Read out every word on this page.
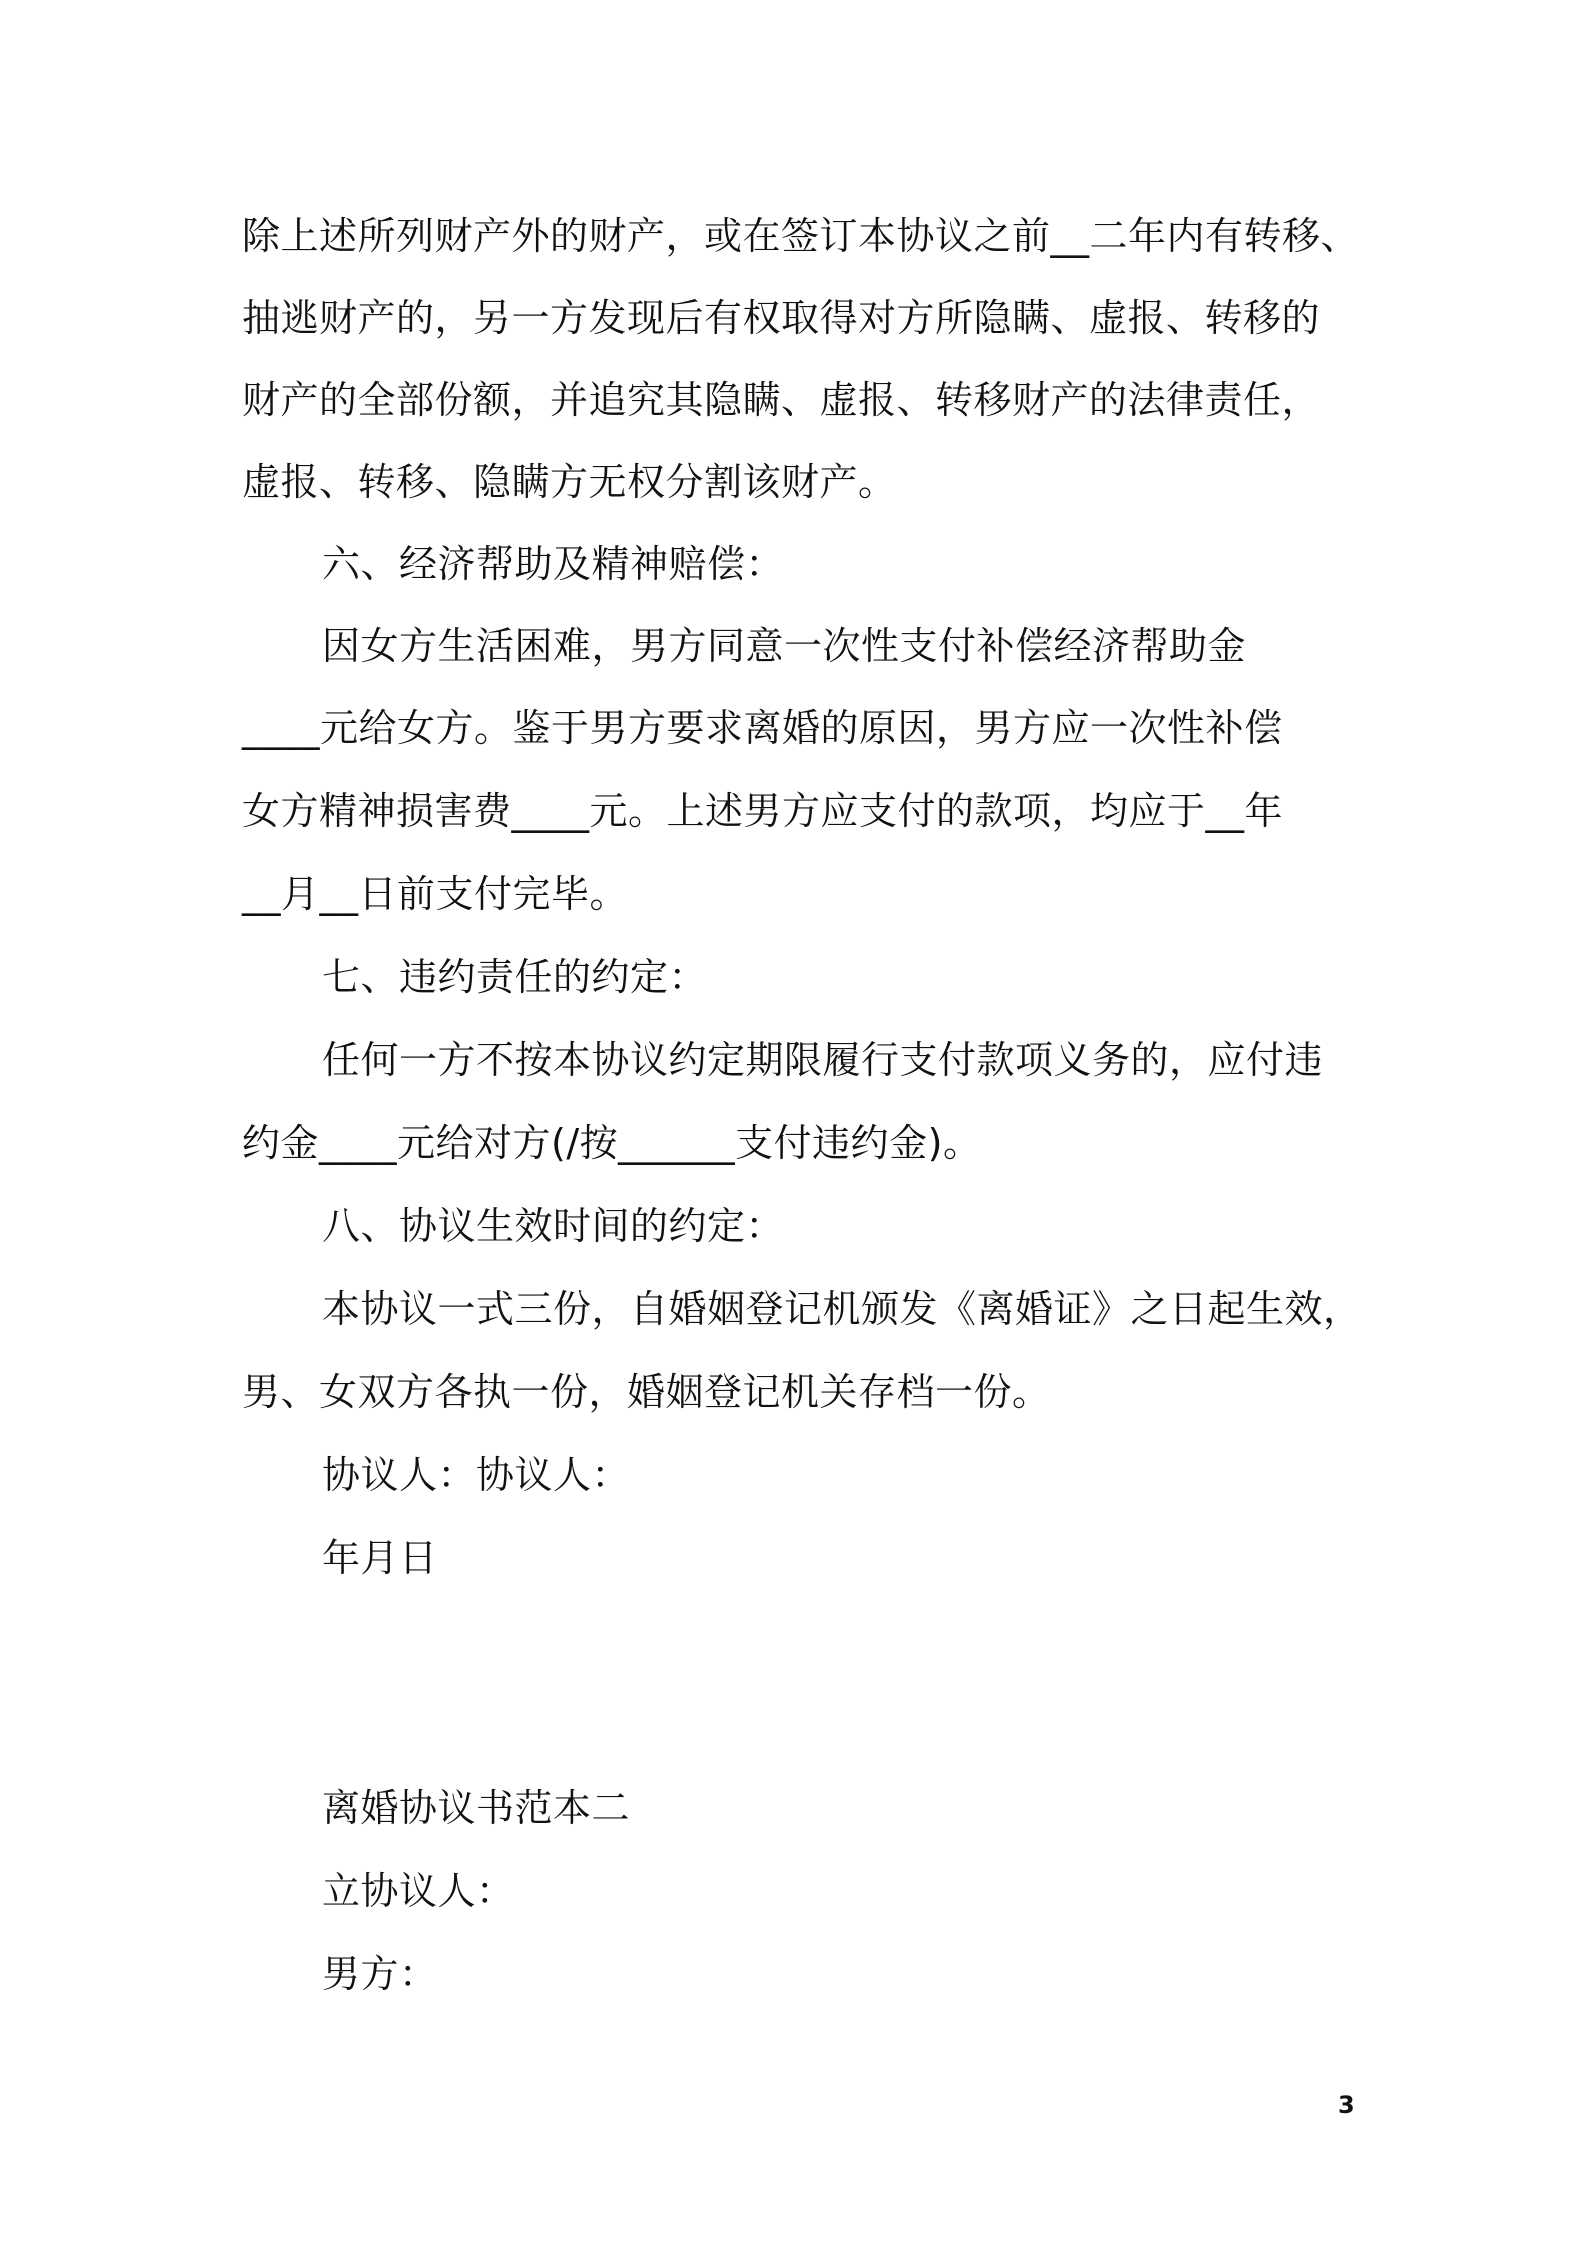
除上述所列财产外的财产，或在签订本协议之前__二年内有转移、
抽逃财产的，另一方发现后有权取得对方所隐瞒、虚报、转移的
财产的全部份额，并追究其隐瞒、虚报、转移财产的法律责任，
虚报、转移、隐瞒方无权分割该财产。
六、经济帮助及精神赔偿：
因女方生活困难，男方同意一次性支付补偿经济帮助金
____元给女方。鉴于男方要求离婚的原因，男方应一次性补偿
女方精神损害费____元。上述男方应支付的款项，均应于__年
__月__日前支付完毕。
七、违约责任的约定：
任何一方不按本协议约定期限履行支付款项义务的，应付违
约金____元给对方(/按______支付违约金)。
八、协议生效时间的约定：
本协议一式三份，自婚姻登记机颁发《离婚证》之日起生效，
男、女双方各执一份，婚姻登记机关存档一份。
协议人：协议人：
年月日
离婚协议书范本二
立协议人：
男方：
3
